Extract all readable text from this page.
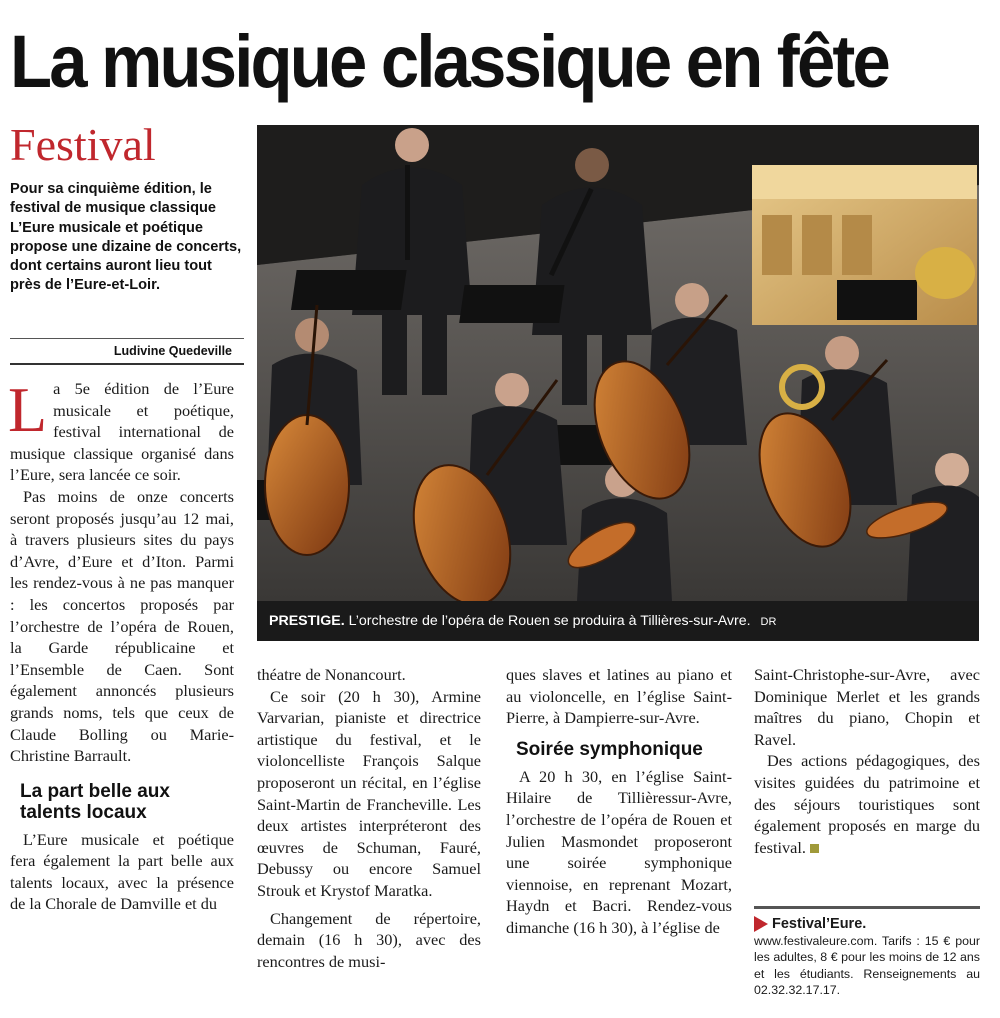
La musique classique en fête
Festival
Pour sa cinquième édition, le festival de musique classique L’Eure musicale et poétique propose une dizaine de concerts, dont certains auront lieu tout près de l’Eure-et-Loir.
Ludivine Quedeville

La 5e édition de l’Eure musicale et poétique, festival international de musique classique organisé dans l’Eure, sera lancée ce soir.

Pas moins de onze concerts seront proposés jusqu’au 12 mai, à travers plusieurs sites du pays d’Avre, d’Eure et d’Iton. Parmi les rendez-vous à ne pas manquer : les concertos proposés par l’orchestre de l’opéra de Rouen, la Garde républicaine et l’Ensemble de Caen. Sont également annoncés plusieurs grands noms, tels que ceux de Claude Bolling ou Marie-Christine Barrault.

La part belle aux talents locaux

L’Eure musicale et poétique fera également la part belle aux talents locaux, avec la présence de la Chorale de Damville et du

PRESTIGE. L’orchestre de l’opéra de Rouen se produira à Tillières-sur-Avre. DR

théatre de Nonancourt.

Ce soir (20 h 30), Armine Varvarian, pianiste et directrice artistique du festival, et le violoncelliste François Salque proposeront un récital, en l’église Saint-Martin de Francheville. Les deux artistes interpréteront des œuvres de Schuman, Fauré, Debussy ou encore Samuel Strouk et Krystof Maratka.

Changement de répertoire, demain (16 h 30), avec des rencontres de musi-

ques slaves et latines au piano et au violoncelle, en l’église Saint-Pierre, à Dampierre-sur-Avre.

Soirée symphonique

A 20 h 30, en l’église Saint-Hilaire de Tillièressur-Avre, l’orchestre de l’opéra de Rouen et Julien Masmondet proposeront une soirée symphonique viennoise, en reprenant Mozart, Haydn et Bacri. Rendez-vous dimanche (16 h 30), à l’église de

Saint-Christophe-sur-Avre, avec Dominique Merlet et les grands maîtres du piano, Chopin et Ravel.

Des actions pédagogiques, des visites guidées du patrimoine et des séjours touristiques sont également proposés en marge du festival.

Festival’Eure.
www.festivaleure.com. Tarifs : 15 € pour les adultes, 8 € pour les moins de 12 ans et les étudiants. Renseignements au 02.32.32.17.17.
